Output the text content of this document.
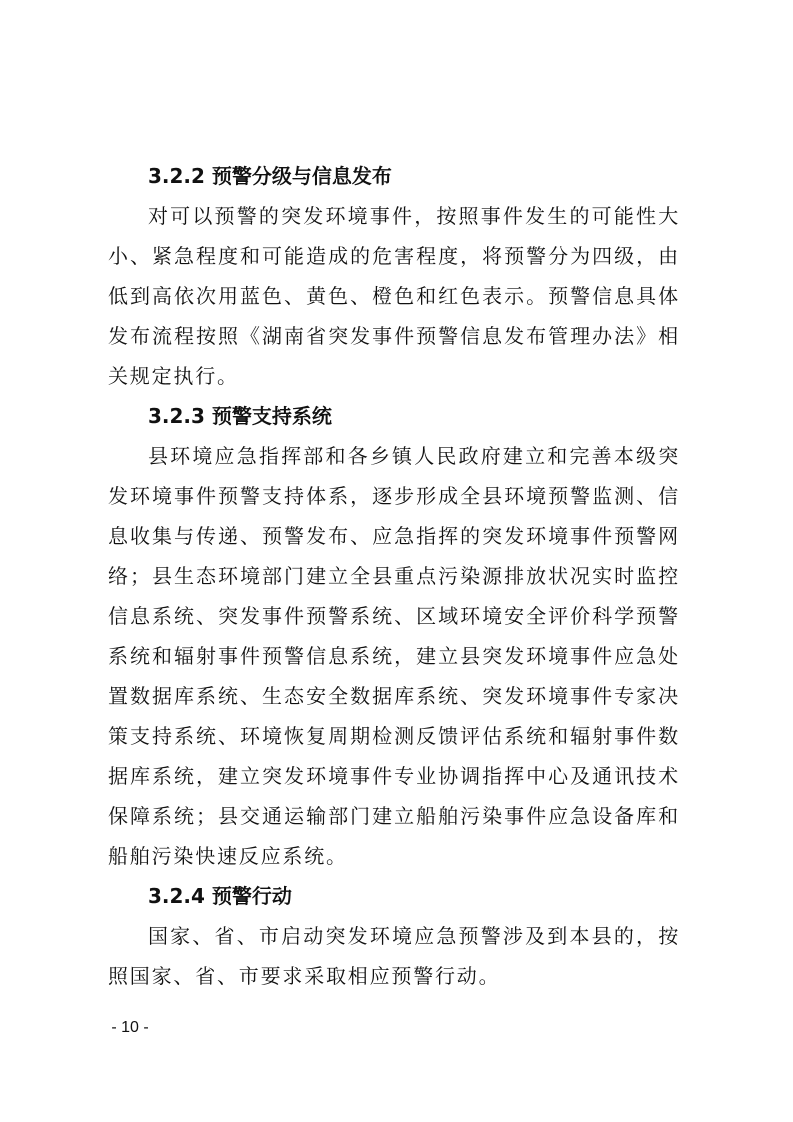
3.2.2 预警分级与信息发布
对可以预警的突发环境事件，按照事件发生的可能性大小、紧急程度和可能造成的危害程度，将预警分为四级，由低到高依次用蓝色、黄色、橙色和红色表示。预警信息具体发布流程按照《湖南省突发事件预警信息发布管理办法》相关规定执行。
3.2.3 预警支持系统
县环境应急指挥部和各乡镇人民政府建立和完善本级突发环境事件预警支持体系，逐步形成全县环境预警监测、信息收集与传递、预警发布、应急指挥的突发环境事件预警网络；县生态环境部门建立全县重点污染源排放状况实时监控信息系统、突发事件预警系统、区域环境安全评价科学预警系统和辐射事件预警信息系统，建立县突发环境事件应急处置数据库系统、生态安全数据库系统、突发环境事件专家决策支持系统、环境恢复周期检测反馈评估系统和辐射事件数据库系统，建立突发环境事件专业协调指挥中心及通讯技术保障系统；县交通运输部门建立船舶污染事件应急设备库和船舶污染快速反应系统。
3.2.4 预警行动
国家、省、市启动突发环境应急预警涉及到本县的，按照国家、省、市要求采取相应预警行动。
- 10 -
